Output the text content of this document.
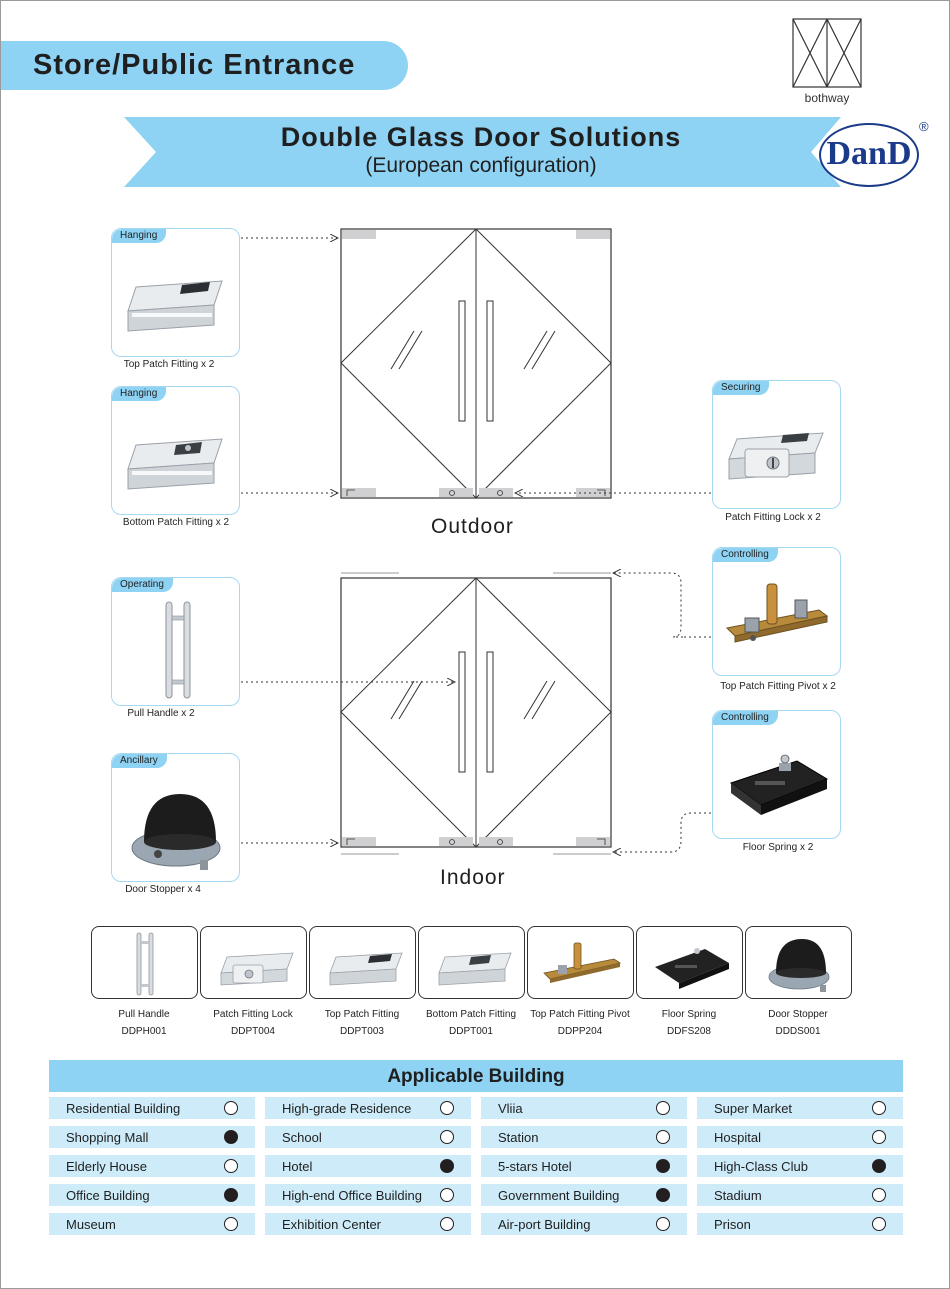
Store/Public Entrance
bothway
Double Glass Door Solutions
(European configuration)	DanD
®
Outdoor
Indoor
Hanging
Top Patch Fitting x 2
Hanging
Bottom Patch Fitting x 2
Securing
Patch Fitting Lock x 2
Operating
Pull Handle x 2
Controlling
Top Patch Fitting Pivot x 2
Controlling
Floor Spring x 2
Ancillary
Door Stopper x 4
Pull Handle
DDPH001
Patch Fitting Lock
DDPT004
Top Patch Fitting
DDPT003
Bottom Patch Fitting
DDPT001
Top Patch Fitting Pivot
DDPP204
Floor Spring
DDFS208
Door Stopper
DDDS001
Applicable Building
Residential Building
Shopping Mall
Elderly House
Office Building
Museum
High-grade Residence
School
Hotel
High-end Office Building
Exhibition Center
Vliia
Station
5-stars Hotel
Government Building
Air-port Building
Super Market
Hospital
High-Class Club
Stadium
Prison
